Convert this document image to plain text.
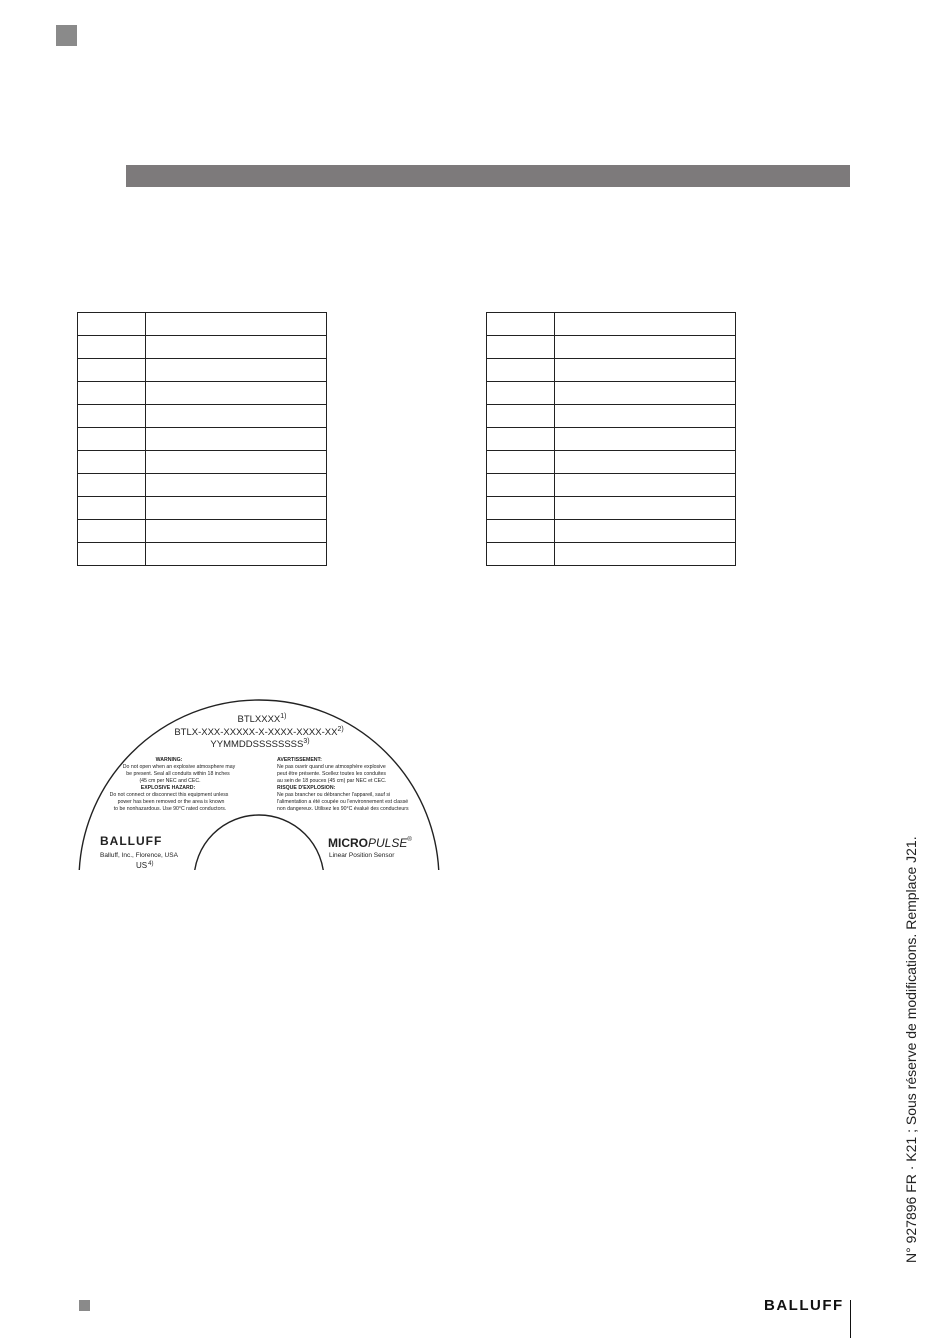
BTLXXXX$^{1)}$
BTLX-XXX-XXXXX-X-XXXX-XXXX-XX$^{2)}$
YYMMDDSSSSSSSS$^{3)}$
WARNING:
Do not open when an explosive atmosphere may
be present. Seal all conduits within 18 inches
(45 cm per NEC and CEC.
EXPLOSIVE HAZARD:
Do not connect or disconnect this equipment unless
power has been removed or the area is known
to be nonhazardous. Use 90°C rated conductors.
AVERTISSEMENT:
Ne pas ouvrir quand une atmosphère explosive
peut être présente. Scellez toutes les conduites
au sein de 18 pouces (45 cm) par NEC et CEC.
RISQUE D'EXPLOSION:
Ne pas brancher ou débrancher l'appareil, sauf si
l'alimentation a été coupée ou l'environnement est classé
non dangereux. Utilisez les 90°C évalué des conducteurs
BALLUFF
Balluff, Inc., Florence, USA
US$^{4)}$
MICROPULSE®
Linear Position Sensor	N° 927896 FR · K21 ; Sous réserve de modifications. Remplace J21.
BALLUFF
